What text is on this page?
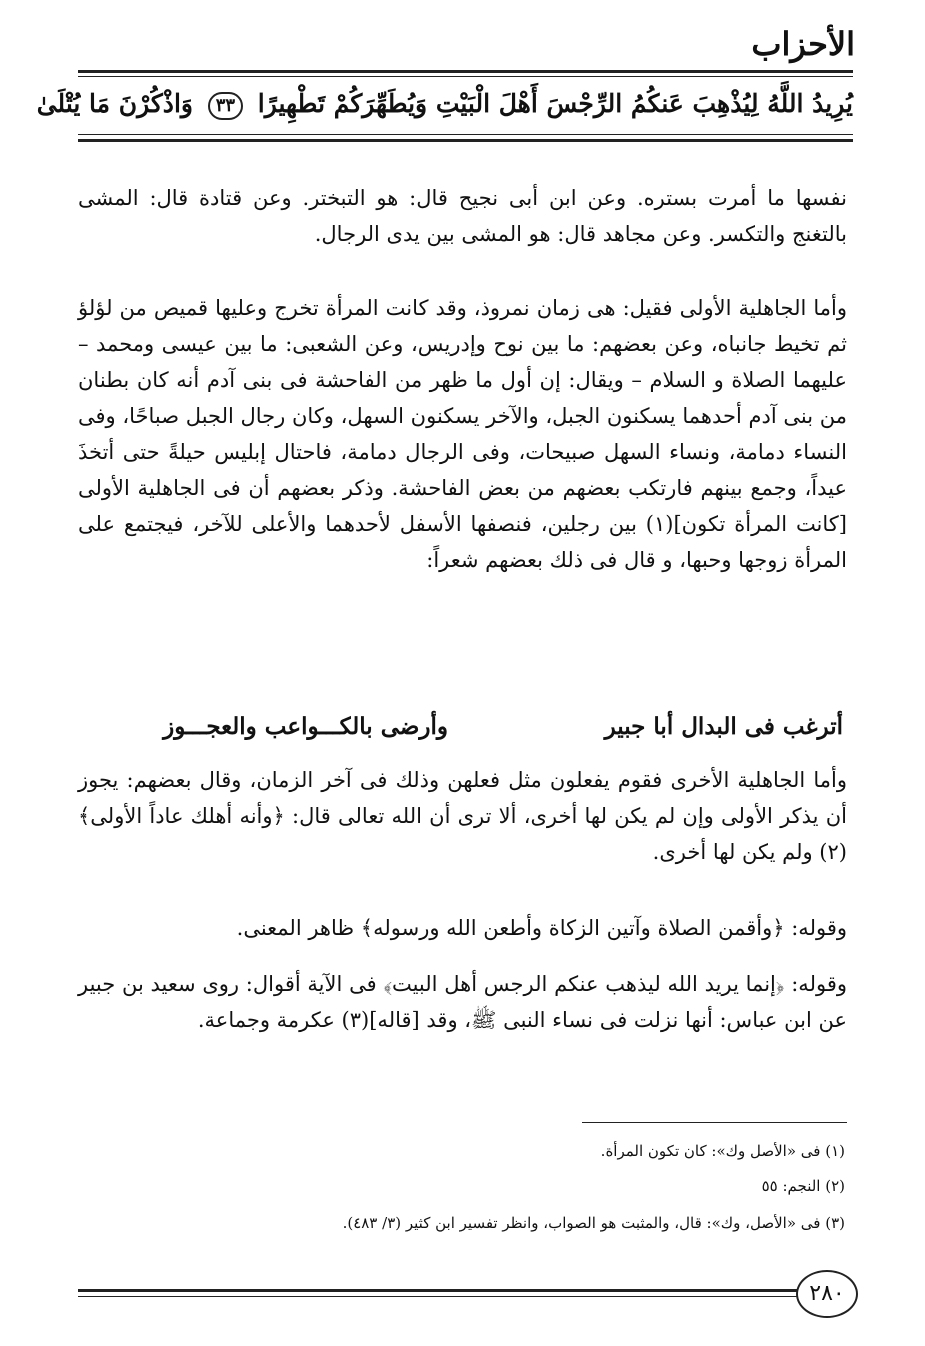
الأحزاب
يُرِيدُ اللَّهُ لِيُذْهِبَ عَنكُمُ الرِّجْسَ أَهْلَ الْبَيْتِ وَيُطَهِّرَكُمْ تَطْهِيرًا ٣٣ وَاذْكُرْنَ مَا يُتْلَىٰ
نفسها ما أمرت بستره. وعن ابن أبى نجيح قال: هو التبختر. وعن قتادة قال: المشى بالتغنج والتكسر. وعن مجاهد قال: هو المشى بين يدى الرجال.
وأما الجاهلية الأولى فقيل: هى زمان نمروذ، وقد كانت المرأة تخرج وعليها قميص من لؤلؤ ثم تخيط جانباه، وعن بعضهم: ما بين نوح وإدريس، وعن الشعبى: ما بين عيسى ومحمد – عليهما الصلاة و السلام – ويقال: إن أول ما ظهر من الفاحشة فى بنى آدم أنه كان بطنان من بنى آدم أحدهما يسكنون الجبل، والآخر يسكنون السهل، وكان رجال الجبل صباحًا، وفى النساء دمامة، ونساء السهل صبيحات، وفى الرجال دمامة، فاحتال إبليس حيلةً حتى أتخذَ عيداً، وجمع بينهم فارتكب بعضهم من بعض الفاحشة. وذكر بعضهم أن فى الجاهلية الأولى [كانت المرأة تكون](١) بين رجلين، فنصفها الأسفل لأحدهما والأعلى للآخر، فيجتمع على المرأة زوجها وحبها، و قال فى ذلك بعضهم شعراً:
أترغب فى البدال أبا جبير
وأرضى بالكـــواعب والعجـــوز
وأما الجاهلية الأخرى فقوم يفعلون مثل فعلهن وذلك فى آخر الزمان، وقال بعضهم: يجوز أن يذكر الأولى وإن لم يكن لها أخرى، ألا ترى أن الله تعالى قال: ﴿وأنه أهلك عاداً الأولى﴾(٢) ولم يكن لها أخرى.
وقوله: ﴿وأقمن الصلاة وآتين الزكاة وأطعن الله ورسوله﴾ ظاهر المعنى.
وقوله: ﴿إنما يريد الله ليذهب عنكم الرجس أهل البيت﴾ فى الآية أقوال: روى سعيد بن جبير عن ابن عباس: أنها نزلت فى نساء النبى ﷺ، وقد [قاله](٣) عكرمة وجماعة.
(١) فى «الأصل وك»: كان تكون المرأة.
(٢) النجم: ٥٥
(٣) فى «الأصل، وك»: قال، والمثبت هو الصواب، وانظر تفسير ابن كثير (٣/ ٤٨٣).
٢٨٠
